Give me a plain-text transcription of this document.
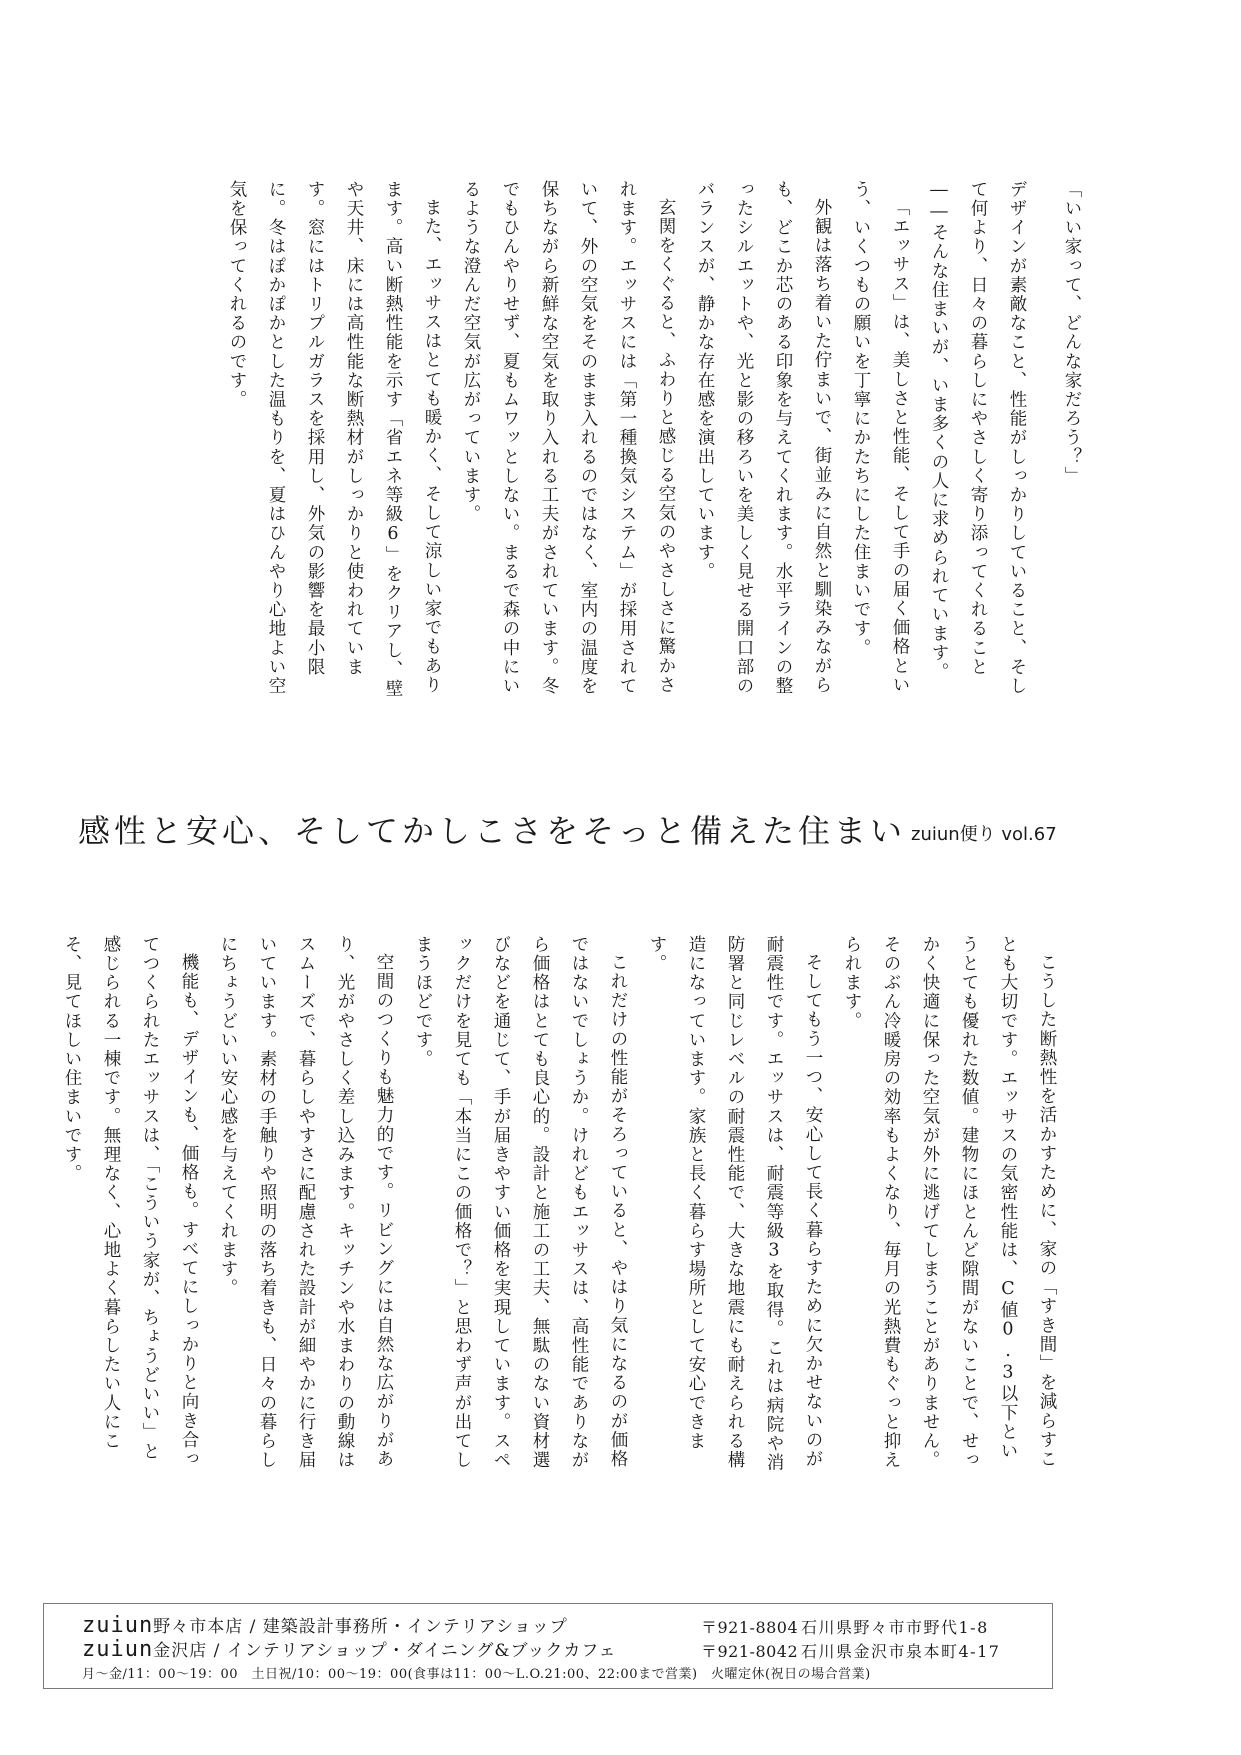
「いい家って、どんな家だろう？」

デザインが素敵なこと、性能がしっかりしていること、そして何より、日々の暮らしにやさしく寄り添ってくれること――そんな住まいが、いま多くの人に求められています。

「エッサス」は、美しさと性能、そして手の届く価格という、いくつもの願いを丁寧にかたちにした住まいです。

外観は落ち着いた佇まいで、街並みに自然と馴染みながらも、どこか芯のある印象を与えてくれます。水平ラインの整ったシルエットや、光と影の移ろいを美しく見せる開口部のバランスが、静かな存在感を演出しています。

玄関をくぐると、ふわりと感じる空気のやさしさに驚かされます。エッサスには「第一種換気システム」が採用されていて、外の空気をそのまま入れるのではなく、室内の温度を保ちながら新鮮な空気を取り入れる工夫がされています。冬でもひんやりせず、夏もムワッとしない。まるで森の中にいるような澄んだ空気が広がっています。

また、エッサスはとても暖かく、そして涼しい家でもあります。高い断熱性能を示す「省エネ等級6」をクリアし、壁や天井、床には高性能な断熱材がしっかりと使われています。窓にはトリプルガラスを採用し、外気の影響を最小限に。冬はぽかぽかとした温もりを、夏はひんやり心地よい空気を保ってくれるのです。

感性と安心、そしてかしこさをそっと備えた住まい zuiun便り vol.67

こうした断熱性を活かすために、家の「すき間」を減らすことも大切です。エッサスの気密性能は、C値0.3以下というとても優れた数値。建物にほとんど隙間がないことで、せっかく快適に保った空気が外に逃げてしまうことがありません。そのぶん冷暖房の効率もよくなり、毎月の光熱費もぐっと抑えられます。

そしてもう一つ、安心して長く暮らすために欠かせないのが耐震性です。エッサスは、耐震等級3を取得。これは病院や消防署と同じレベルの耐震性能で、大きな地震にも耐えられる構造になっています。家族と長く暮らす場所として安心できます。

これだけの性能がそろっていると、やはり気になるのが価格ではないでしょうか。けれどもエッサスは、高性能でありながら価格はとても良心的。設計と施工の工夫、無駄のない資材選びなどを通じて、手が届きやすい価格を実現しています。スペックだけを見ても「本当にこの価格で？」と思わず声が出てしまうほどです。

空間のつくりも魅力的です。リビングには自然な広がりがあり、光がやさしく差し込みます。キッチンや水まわりの動線はスムーズで、暮らしやすさに配慮された設計が細やかに行き届いています。素材の手触りや照明の落ち着きも、日々の暮らしにちょうどいい安心感を与えてくれます。

機能も、デザインも、価格も。すべてにしっかりと向き合ってつくられたエッサスは、「こういう家が、ちょうどいい」と感じられる一棟です。無理なく、心地よく暮らしたい人にこそ、見てほしい住まいです。

zuiun野々市本店 / 建築設計事務所・インテリアショップ	〒921-8804 石川県野々市市野代1-8
zuiun金沢店 / インテリアショップ・ダイニング&ブックカフェ	〒921-8042 石川県金沢市泉本町4-17
月～金/11：00～19：00　土日祝/10：00～19：00(食事は11：00～L.O.21:00、22:00まで営業)　火曜定休(祝日の場合営業)
